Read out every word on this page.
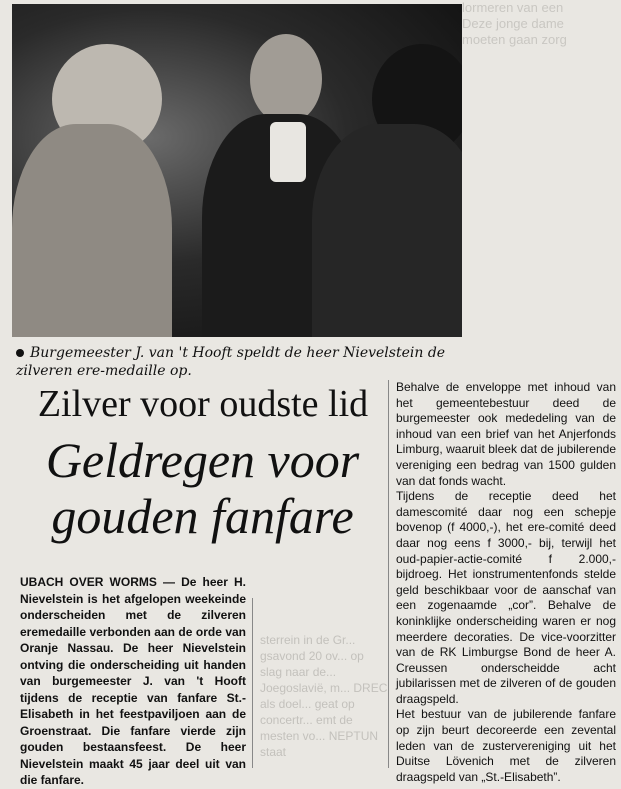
lormeren van een
Deze jonge dame
moeten gaan zorg
Burgemeester J. van 't Hooft speldt de heer Nievelstein de zilveren ere-medaille op.
Zilver voor oudste lid
Geldregen voor gouden fanfare
UBACH OVER WORMS — De heer H. Nievelstein is het afgelopen weekeinde onderscheiden met de zilveren eremedaille verbonden aan de orde van Oranje Nassau. De heer Nievelstein ontving die onderscheiding uit handen van burgemeester J. van 't Hooft tijdens de receptie van fanfare St.-Elisabeth in het feestpaviljoen aan de Groenstraat. Die fanfare vierde zijn gouden bestaansfeest. De heer Nievelstein maakt 45 jaar deel uit van die fanfare.
sterrein in de Gr... gsavond 20 ov... op slag naar de... Joegoslavië, m... DREC als doel... geat op concertr... emt de mesten vo... NEPTUN staat

Behalve de enveloppe met inhoud van het gemeentebestuur deed de burgemeester ook mededeling van de inhoud van een brief van het Anjerfonds Limburg, waaruit bleek dat de jubilerende vereniging een bedrag van 1500 gulden van dat fonds wacht.

Tijdens de receptie deed het damescomité daar nog een schepje bovenop (f 4000,-), het ere-comité deed daar nog eens f 3000,- bij, terwijl het oud-papier-actie-comité f 2.000,- bijdroeg. Het ionstrumentenfonds stelde geld beschikbaar voor de aanschaf van een zogenaamde „cor”. Behalve de koninklijke onderscheiding waren er nog meerdere decoraties. De vice-voorzitter van de RK Limburgse Bond de heer A. Creussen onderscheidde acht jubilarissen met de zilveren of de gouden draagspeld.

Het bestuur van de jubilerende fanfare op zijn beurt decoreerde een zevental leden van de zustervereniging uit het Duitse Lövenich met de zilveren draagspeld van „St.-Elisabeth”.
